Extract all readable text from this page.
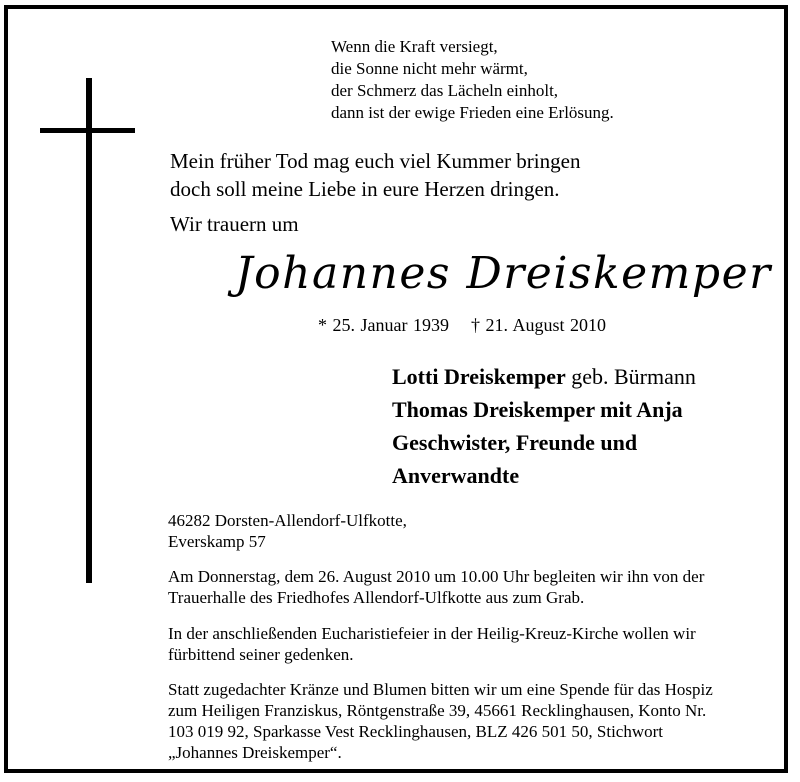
Wenn die Kraft versiegt,
die Sonne nicht mehr wärmt,
der Schmerz das Lächeln einholt,
dann ist der ewige Frieden eine Erlösung.
Mein früher Tod mag euch viel Kummer bringen
doch soll meine Liebe in eure Herzen dringen.
Wir trauern um
Johannes Dreiskemper
* 25. Januar 1939 † 21. August 2010
Lotti Dreiskemper geb. Bürmann
Thomas Dreiskemper mit Anja
Geschwister, Freunde und
Anverwandte
46282 Dorsten-Allendorf-Ulfkotte,
Everskamp 57
Am Donnerstag, dem 26. August 2010 um 10.00 Uhr begleiten wir ihn von der
Trauerhalle des Friedhofes Allendorf-Ulfkotte aus zum Grab.
In der anschließenden Eucharistiefeier in der Heilig-Kreuz-Kirche wollen wir
fürbittend seiner gedenken.
Statt zugedachter Kränze und Blumen bitten wir um eine Spende für das Hospiz
zum Heiligen Franziskus, Röntgenstraße 39, 45661 Recklinghausen, Konto Nr.
103 019 92, Sparkasse Vest Recklinghausen, BLZ 426 501 50, Stichwort
„Johannes Dreiskemper“.
